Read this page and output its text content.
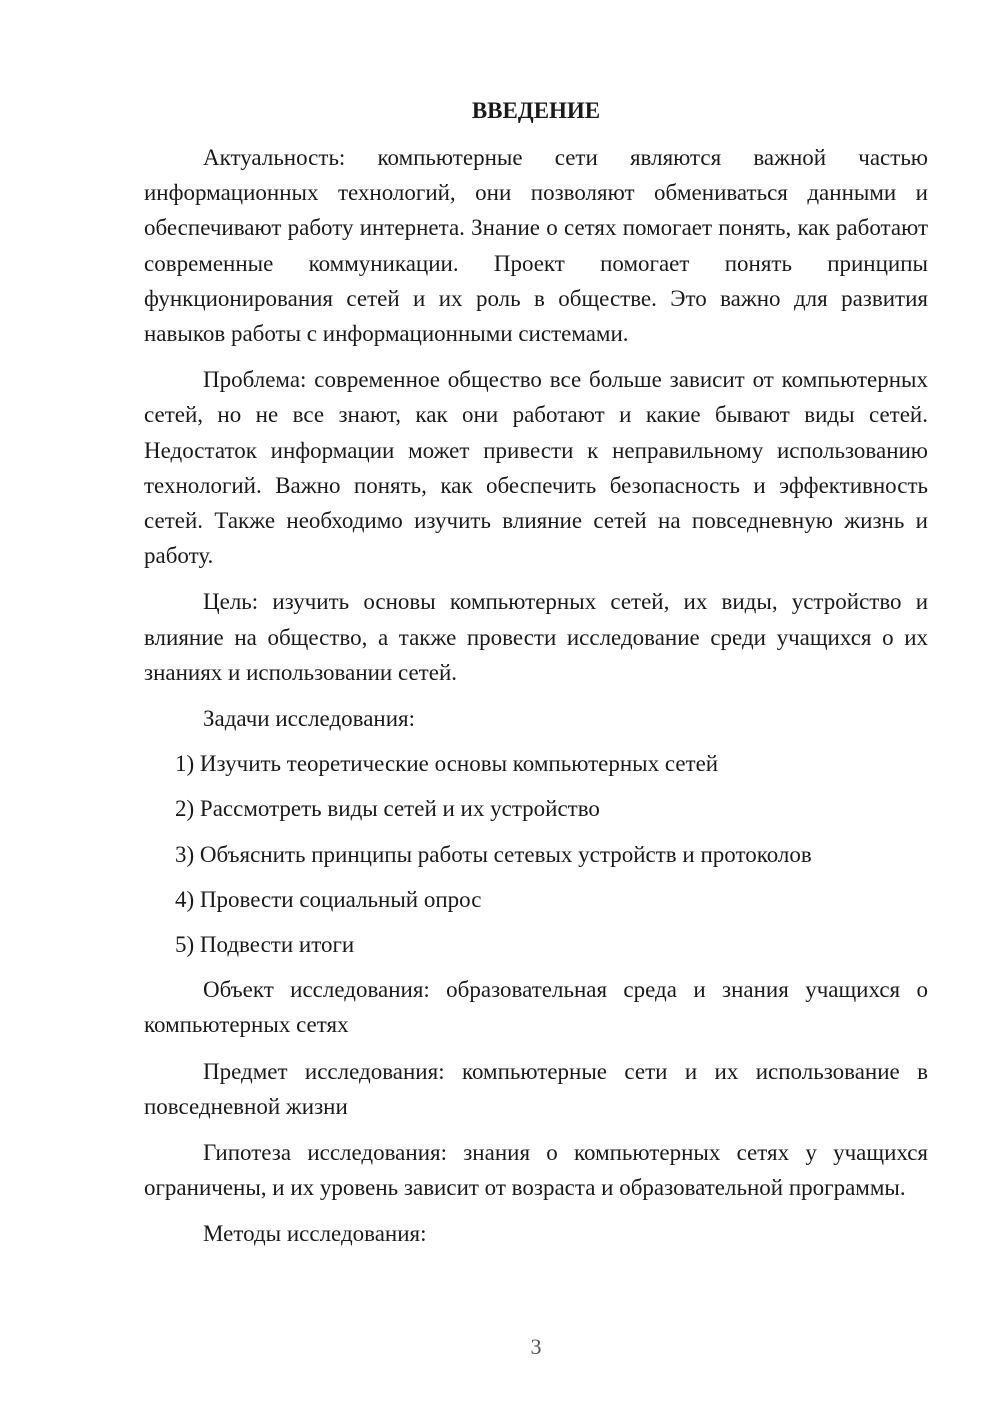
ВВЕДЕНИЕ

Актуальность: компьютерные сети являются важной частью информационных технологий, они позволяют обмениваться данными и обеспечивают работу интернета. Знание о сетях помогает понять, как работают современные коммуникации. Проект помогает понять принципы функционирования сетей и их роль в обществе. Это важно для развития навыков работы с информационными системами.

Проблема: современное общество все больше зависит от компьютерных сетей, но не все знают, как они работают и какие бывают виды сетей. Недостаток информации может привести к неправильному использованию технологий. Важно понять, как обеспечить безопасность и эффективность сетей. Также необходимо изучить влияние сетей на повседневную жизнь и работу.

Цель: изучить основы компьютерных сетей, их виды, устройство и влияние на общество, а также провести исследование среди учащихся о их знаниях и использовании сетей.

Задачи исследования:

1) Изучить теоретические основы компьютерных сетей
2) Рассмотреть виды сетей и их устройство
3) Объяснить принципы работы сетевых устройств и протоколов
4) Провести социальный опрос
5) Подвести итоги

Объект исследования: образовательная среда и знания учащихся о компьютерных сетях

Предмет исследования: компьютерные сети и их использование в повседневной жизни

Гипотеза исследования: знания о компьютерных сетях у учащихся ограничены, и их уровень зависит от возраста и образовательной программы.

Методы исследования:

3
